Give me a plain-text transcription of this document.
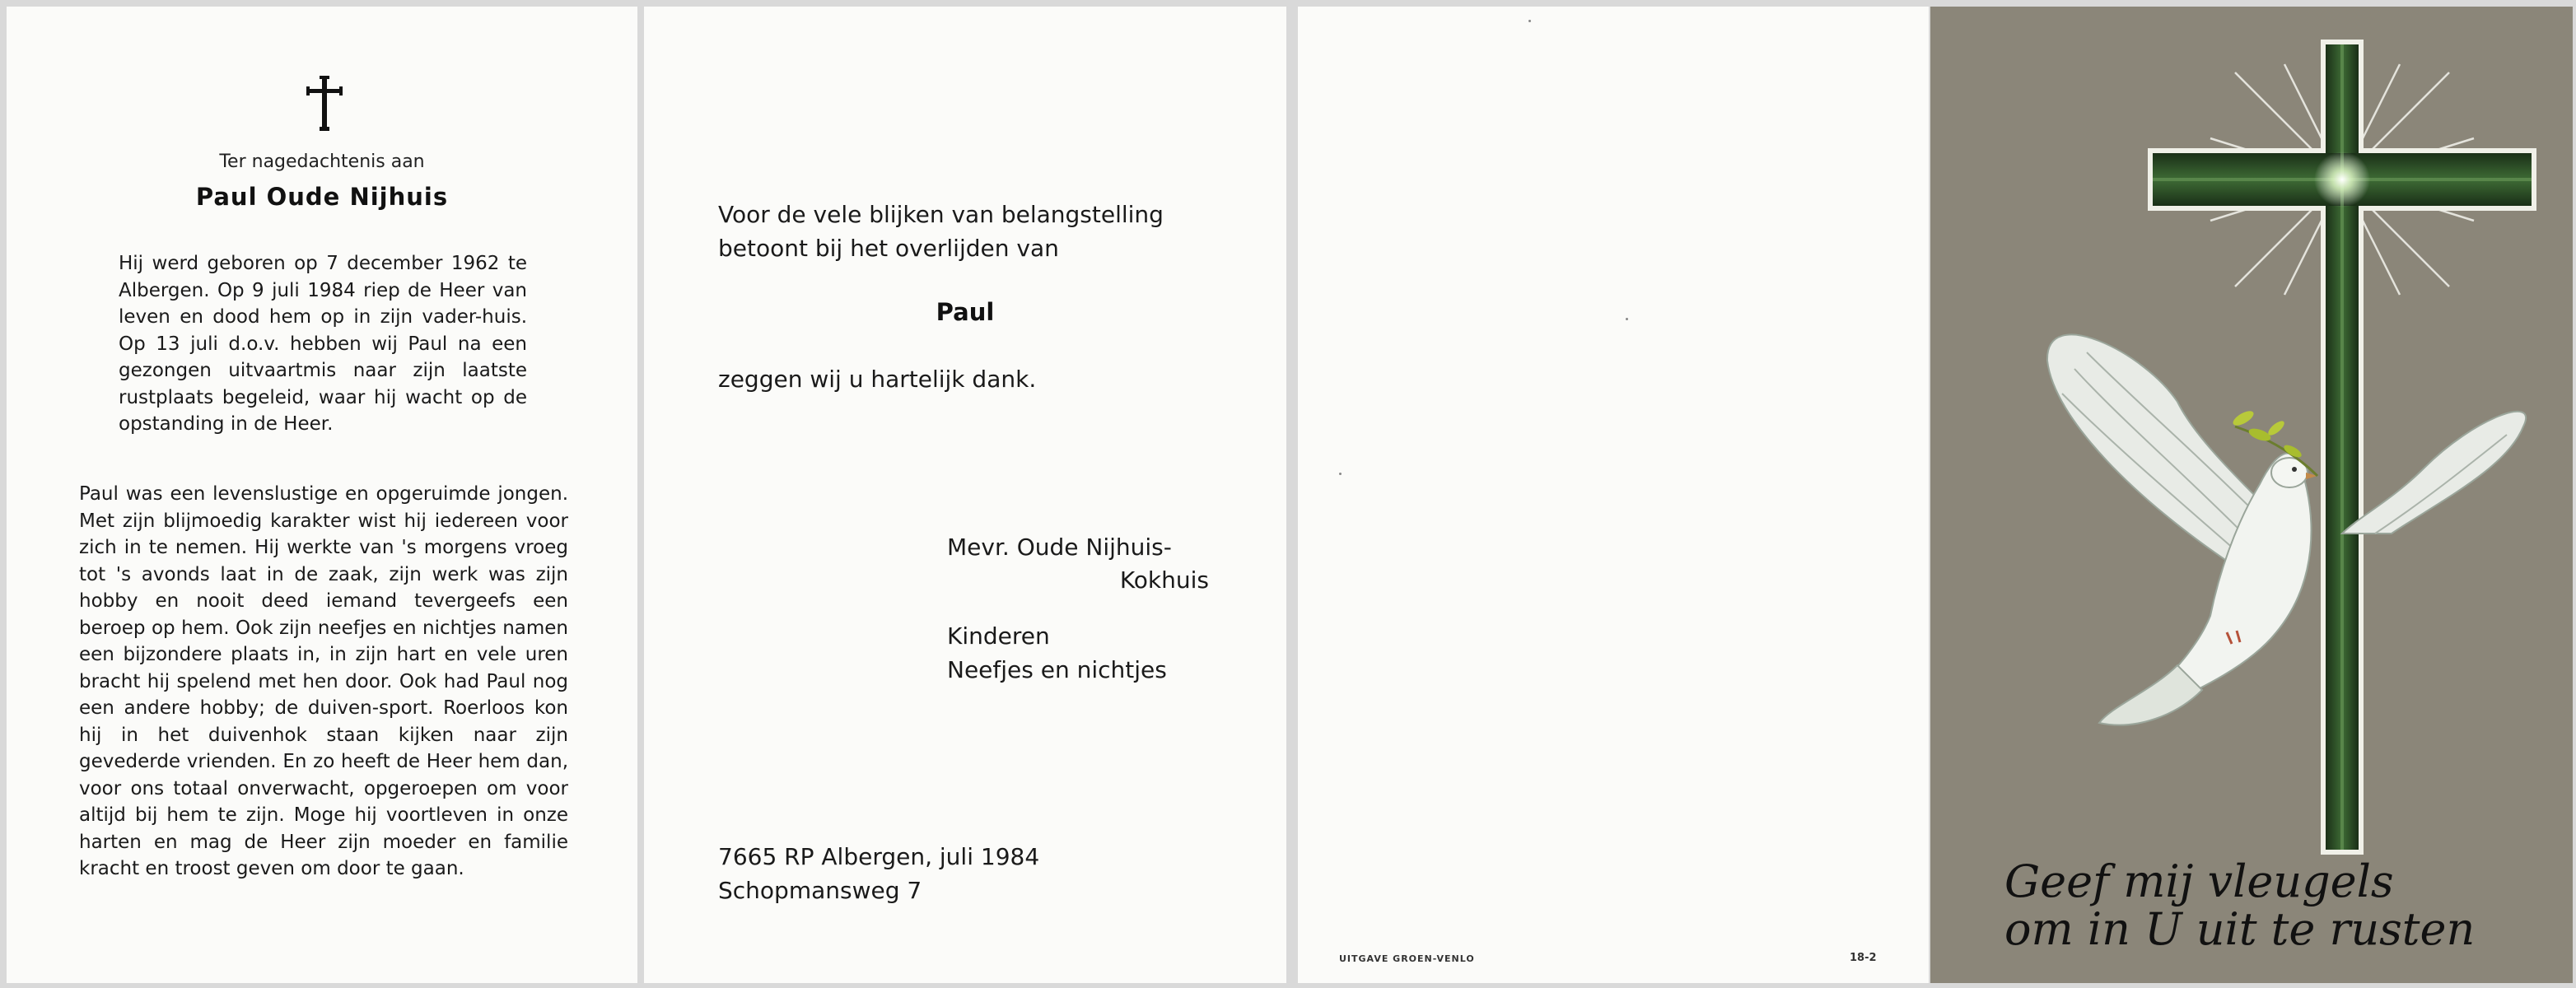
Ter nagedachtenis aan

Paul Oude Nijhuis

Hij werd geboren op 7 december 1962 te Albergen. Op 9 juli 1984 riep de Heer van leven en dood hem op in zijn vader-huis. Op 13 juli d.o.v. hebben wij Paul na een gezongen uitvaartmis naar zijn laatste rustplaats begeleid, waar hij wacht op de opstanding in de Heer.

Paul was een levenslustige en opgeruimde jongen. Met zijn blijmoedig karakter wist hij iedereen voor zich in te nemen. Hij werkte van 's morgens vroeg tot 's avonds laat in de zaak, zijn werk was zijn hobby en nooit deed iemand tevergeefs een beroep op hem. Ook zijn neefjes en nichtjes namen een bijzondere plaats in, in zijn hart en vele uren bracht hij spelend met hen door. Ook had Paul nog een andere hobby; de duiven-sport. Roerloos kon hij in het duivenhok staan kijken naar zijn gevederde vrienden. En zo heeft de Heer hem dan, voor ons totaal onverwacht, opgeroepen om voor altijd bij hem te zijn. Moge hij voortleven in onze harten en mag de Heer zijn moeder en familie kracht en troost geven om door te gaan.

Voor de vele blijken van belangstelling betoont bij het overlijden van

Paul

zeggen wij u hartelijk dank.

Mevr. Oude Nijhuis-

Kokhuis

Kinderen
Neefjes en nichtjes
7665 RP Albergen, juli 1984
Schopmansweg 7

UITGAVE GROEN-VENLO	18-2

Geef mij vleugels
om in U uit te rusten
